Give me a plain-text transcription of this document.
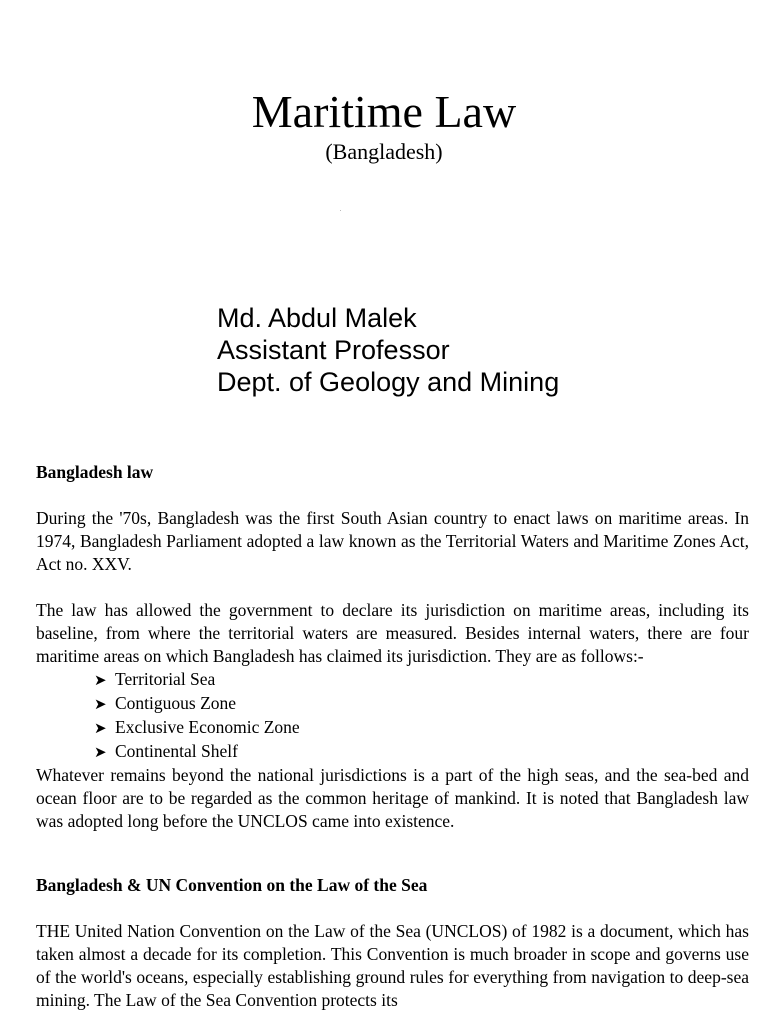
Maritime Law
(Bangladesh)
Md. Abdul Malek
Assistant Professor
Dept. of Geology and Mining
Bangladesh law

During the '70s, Bangladesh was the first South Asian country to enact laws on maritime areas. In 1974, Bangladesh Parliament adopted a law known as the Territorial Waters and Maritime Zones Act, Act no. XXV.

The law has allowed the government to declare its jurisdiction on maritime areas, including its baseline, from where the territorial waters are measured. Besides internal waters, there are four maritime areas on which Bangladesh has claimed its jurisdiction. They are as follows:-

➤ Territorial Sea
➤ Contiguous Zone
➤ Exclusive Economic Zone
➤ Continental Shelf

Whatever remains beyond the national jurisdictions is a part of the high seas, and the sea-bed and ocean floor are to be regarded as the common heritage of mankind. It is noted that Bangladesh law was adopted long before the UNCLOS came into existence.

Bangladesh & UN Convention on the Law of the Sea

THE United Nation Convention on the Law of the Sea (UNCLOS) of 1982 is a document, which has taken almost a decade for its completion. This Convention is much broader in scope and governs use of the world's oceans, especially establishing ground rules for everything from navigation to deep-sea mining. The Law of the Sea Convention protects its
